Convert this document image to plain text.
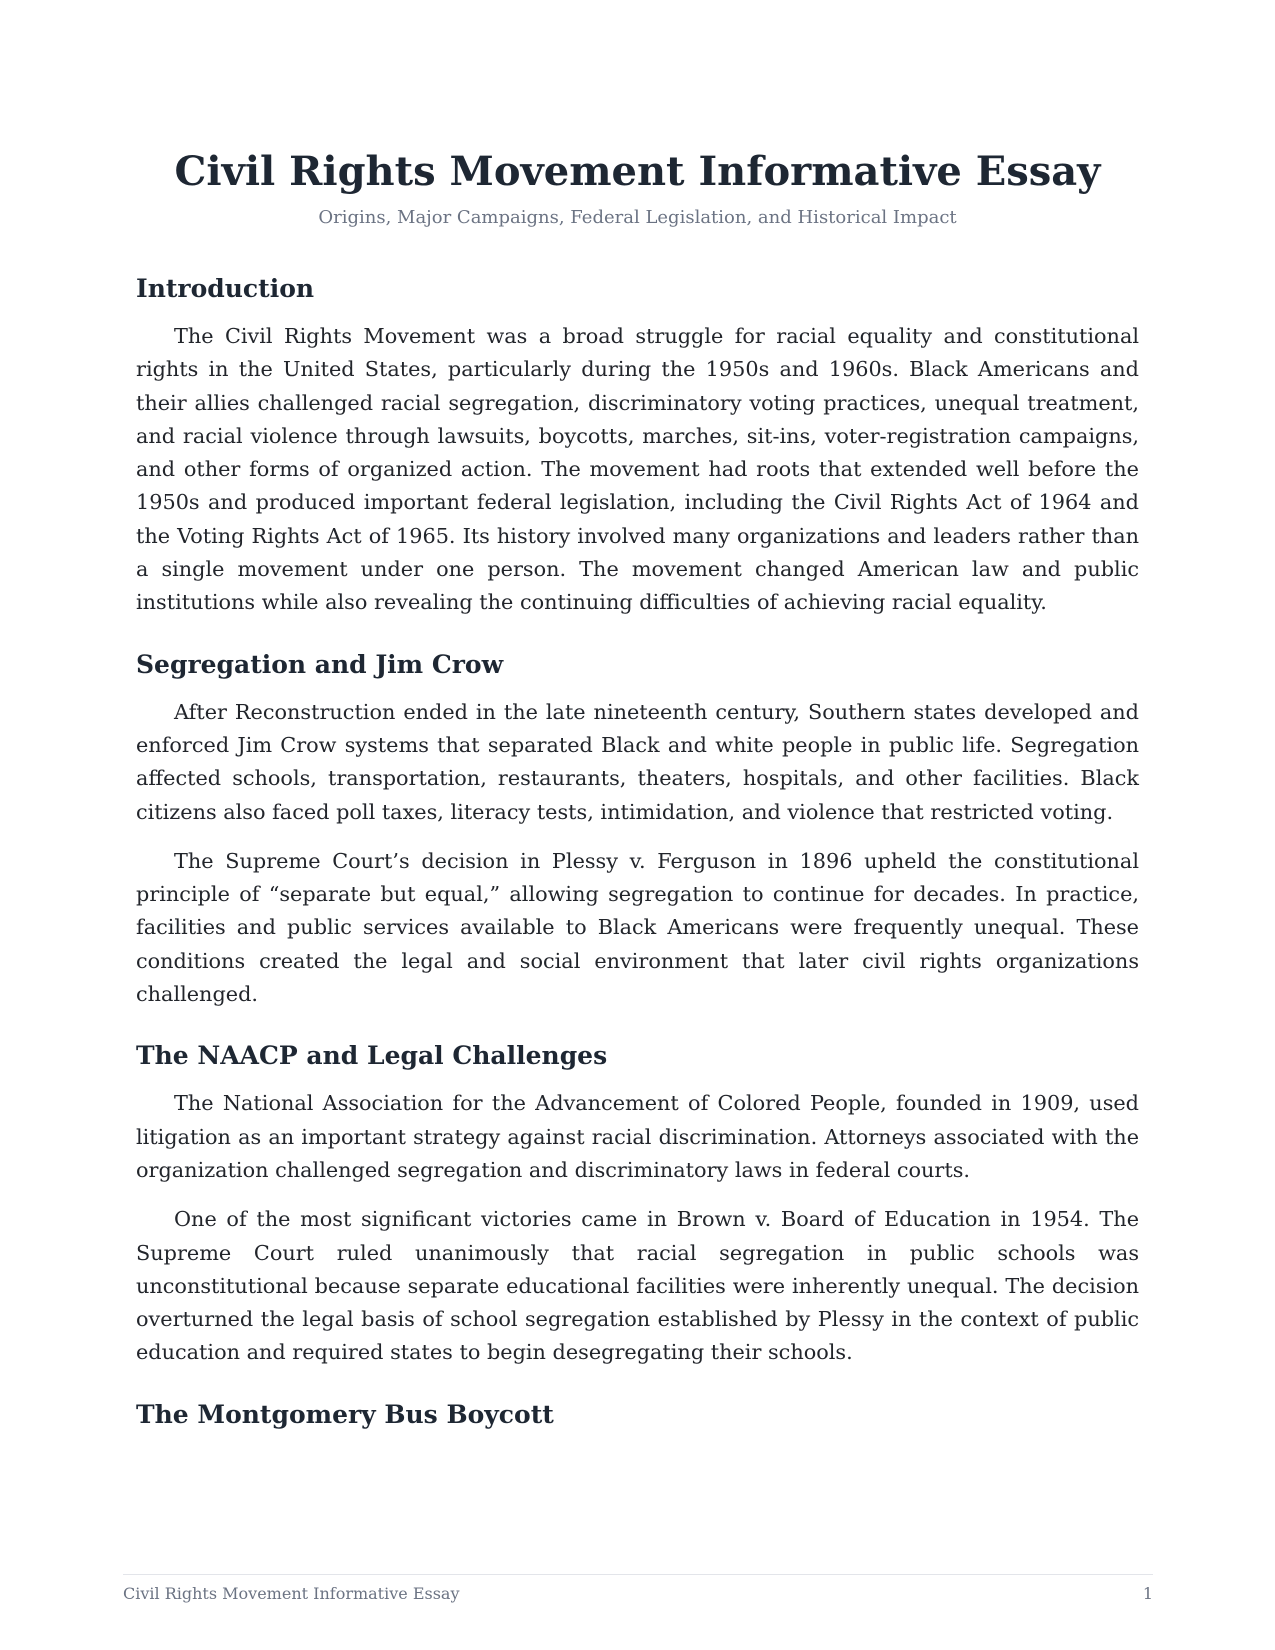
Civil Rights Movement Informative Essay
Origins, Major Campaigns, Federal Legislation, and Historical Impact
Introduction

The Civil Rights Movement was a broad struggle for racial equality and constitutional rights in the United States, particularly during the 1950s and 1960s. Black Americans and their allies challenged racial segregation, discriminatory voting practices, unequal treatment, and racial violence through lawsuits, boycotts, marches, sit-ins, voter-registration campaigns, and other forms of organized action. The movement had roots that extended well before the 1950s and produced important federal legislation, including the Civil Rights Act of 1964 and the Voting Rights Act of 1965. Its history involved many organizations and leaders rather than a single movement under one person. The movement changed American law and public institutions while also revealing the continuing difficulties of achieving racial equality.

Segregation and Jim Crow

After Reconstruction ended in the late nineteenth century, Southern states developed and enforced Jim Crow systems that separated Black and white people in public life. Segregation affected schools, transportation, restaurants, theaters, hospitals, and other facilities. Black citizens also faced poll taxes, literacy tests, intimidation, and violence that restricted voting.

The Supreme Court’s decision in Plessy v. Ferguson in 1896 upheld the constitutional principle of “separate but equal,” allowing segregation to continue for decades. In practice, facilities and public services available to Black Americans were frequently unequal. These conditions created the legal and social environment that later civil rights organizations challenged.

The NAACP and Legal Challenges

The National Association for the Advancement of Colored People, founded in 1909, used litigation as an important strategy against racial discrimination. Attorneys associated with the organization challenged segregation and discriminatory laws in federal courts.

One of the most significant victories came in Brown v. Board of Education in 1954. The Supreme Court ruled unanimously that racial segregation in public schools was unconstitutional because separate educational facilities were inherently unequal. The decision overturned the legal basis of school segregation established by Plessy in the context of public education and required states to begin desegregating their schools.

The Montgomery Bus Boycott
Civil Rights Movement Informative Essay	1
